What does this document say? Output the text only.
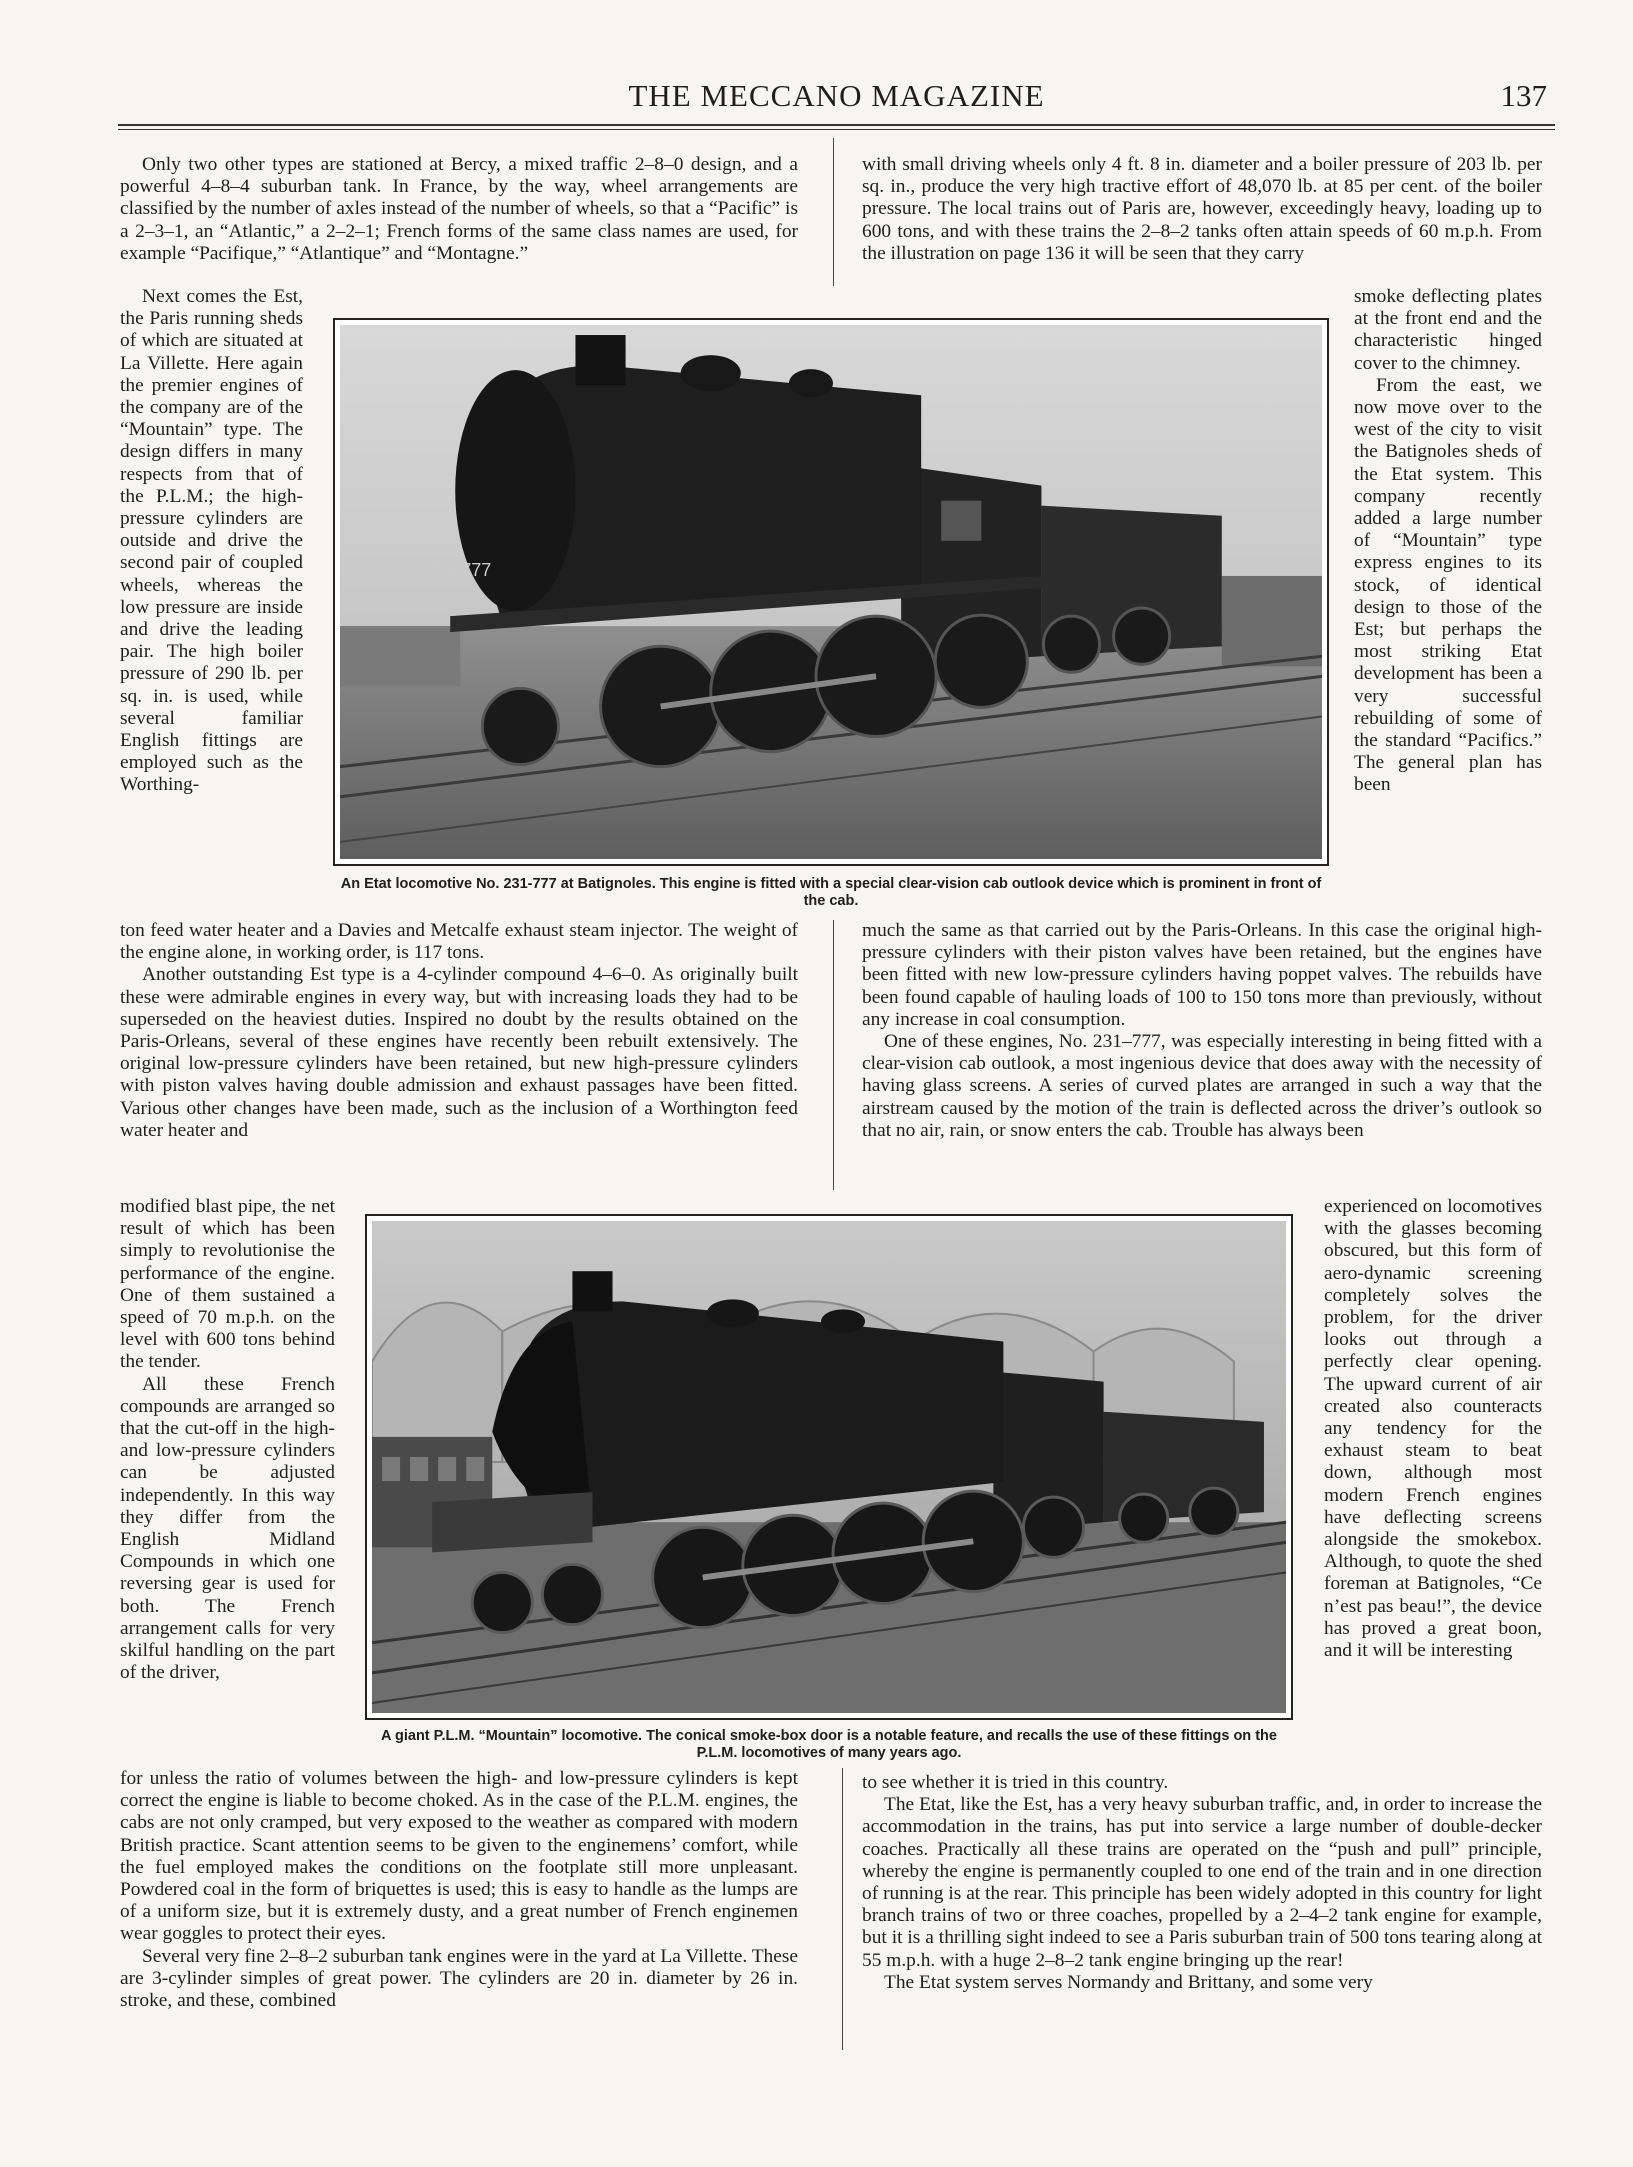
THE MECCANO MAGAZINE	137

Only two other types are stationed at Bercy, a mixed traffic 2–8–0 design, and a powerful 4–8–4 suburban tank. In France, by the way, wheel arrangements are classified by the number of axles instead of the number of wheels, so that a “Pacific” is a 2–3–1, an “Atlantic,” a 2–2–1; French forms of the same class names are used, for example “Pacifique,” “Atlantique” and “Montagne.”

Next comes the Est, the Paris running sheds of which are situated at La Villette. Here again the premier engines of the company are of the “Mountain” type. The design differs in many respects from that of the P.L.M.; the high-pressure cylinders are outside and drive the second pair of coupled wheels, whereas the low pressure are inside and drive the leading pair. The high boiler pressure of 290 lb. per sq. in. is used, while several familiar English fittings are employed such as the Worthing-

ton feed water heater and a Davies and Metcalfe exhaust steam injector. The weight of the engine alone, in working order, is 117 tons.

Another outstanding Est type is a 4-cylinder compound 4–6–0. As originally built these were admirable engines in every way, but with increasing loads they had to be superseded on the heaviest duties. Inspired no doubt by the results obtained on the Paris-Orleans, several of these engines have recently been rebuilt extensively. The original low-pressure cylinders have been retained, but new high-pressure cylinders with piston valves having double admission and exhaust passages have been fitted. Various other changes have been made, such as the inclusion of a Worthington feed water heater and

modified blast pipe, the net result of which has been simply to revolutionise the performance of the engine. One of them sustained a speed of 70 m.p.h. on the level with 600 tons behind the tender.

All these French compounds are arranged so that the cut-off in the high- and low-pressure cylinders can be adjusted independently. In this way they differ from the English Midland Compounds in which one reversing gear is used for both. The French arrangement calls for very skilful handling on the part of the driver,

for unless the ratio of volumes between the high- and low-pressure cylinders is kept correct the engine is liable to become choked. As in the case of the P.L.M. engines, the cabs are not only cramped, but very exposed to the weather as compared with modern British practice. Scant attention seems to be given to the enginemens’ comfort, while the fuel employed makes the conditions on the footplate still more unpleasant. Powdered coal in the form of briquettes is used; this is easy to handle as the lumps are of a uniform size, but it is extremely dusty, and a great number of French enginemen wear goggles to protect their eyes.

Several very fine 2–8–2 suburban tank engines were in the yard at La Villette. These are 3-cylinder simples of great power. The cylinders are 20 in. diameter by 26 in. stroke, and these, combined

with small driving wheels only 4 ft. 8 in. diameter and a boiler pressure of 203 lb. per sq. in., produce the very high tractive effort of 48,070 lb. at 85 per cent. of the boiler pressure. The local trains out of Paris are, however, exceedingly heavy, loading up to 600 tons, and with these trains the 2–8–2 tanks often attain speeds of 60 m.p.h. From the illustration on page 136 it will be seen that they carry

smoke deflecting plates at the front end and the characteristic hinged cover to the chimney.

From the east, we now move over to the west of the city to visit the Batignoles sheds of the Etat system. This company recently added a large number of “Mountain” type express engines to its stock, of identical design to those of the Est; but perhaps the most striking Etat development has been a very successful rebuilding of some of the standard “Pacifics.” The general plan has been

much the same as that carried out by the Paris-Orleans. In this case the original high-pressure cylinders with their piston valves have been retained, but the engines have been fitted with new low-pressure cylinders having poppet valves. The rebuilds have been found capable of hauling loads of 100 to 150 tons more than previously, without any increase in coal consumption.

One of these engines, No. 231–777, was especially interesting in being fitted with a clear-vision cab outlook, a most ingenious device that does away with the necessity of having glass screens. A series of curved plates are arranged in such a way that the airstream caused by the motion of the train is deflected across the driver’s outlook so that no air, rain, or snow enters the cab. Trouble has always been

experienced on locomotives with the glasses becoming obscured, but this form of aero-dynamic screening completely solves the problem, for the driver looks out through a perfectly clear opening. The upward current of air created also counteracts any tendency for the exhaust steam to beat down, although most modern French engines have deflecting screens alongside the smokebox. Although, to quote the shed foreman at Batignoles, “Ce n’est pas beau!”, the device has proved a great boon, and it will be interesting

to see whether it is tried in this country.

The Etat, like the Est, has a very heavy suburban traffic, and, in order to increase the accommodation in the trains, has put into service a large number of double-decker coaches. Practically all these trains are operated on the “push and pull” principle, whereby the engine is permanently coupled to one end of the train and in one direction of running is at the rear. This principle has been widely adopted in this country for light branch trains of two or three coaches, propelled by a 2–4–2 tank engine for example, but it is a thrilling sight indeed to see a Paris suburban train of 500 tons tearing along at 55 m.p.h. with a huge 2–8–2 tank engine bringing up the rear!

The Etat system serves Normandy and Brittany, and some very

231-777
An Etat locomotive No. 231-777 at Batignoles. This engine is fitted with a special clear-vision cab outlook device which is prominent in front of the cab.
A giant P.L.M. “Mountain” locomotive. The conical smoke-box door is a notable feature, and recalls the use of these fittings on the P.L.M. locomotives of many years ago.
